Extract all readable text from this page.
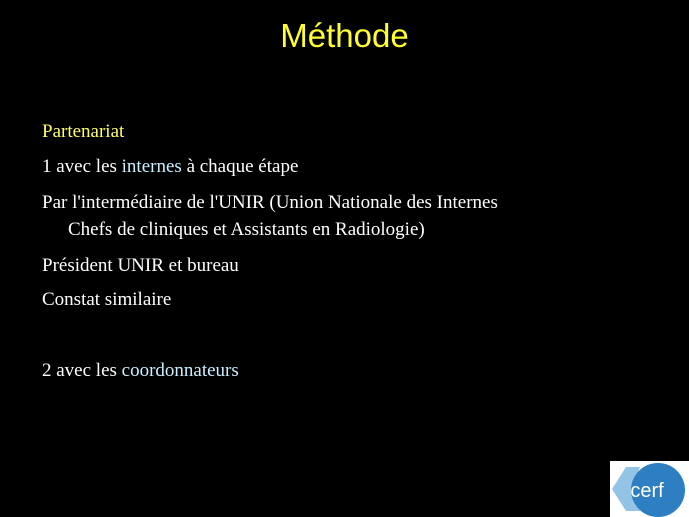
Méthode
Partenariat
1 avec les internes à chaque étape
Par l'intermédiaire de l'UNIR (Union Nationale des Internes
Chefs de cliniques et Assistants en Radiologie)
Président UNIR et bureau
Constat similaire
2 avec les coordonnateurs
cerf
